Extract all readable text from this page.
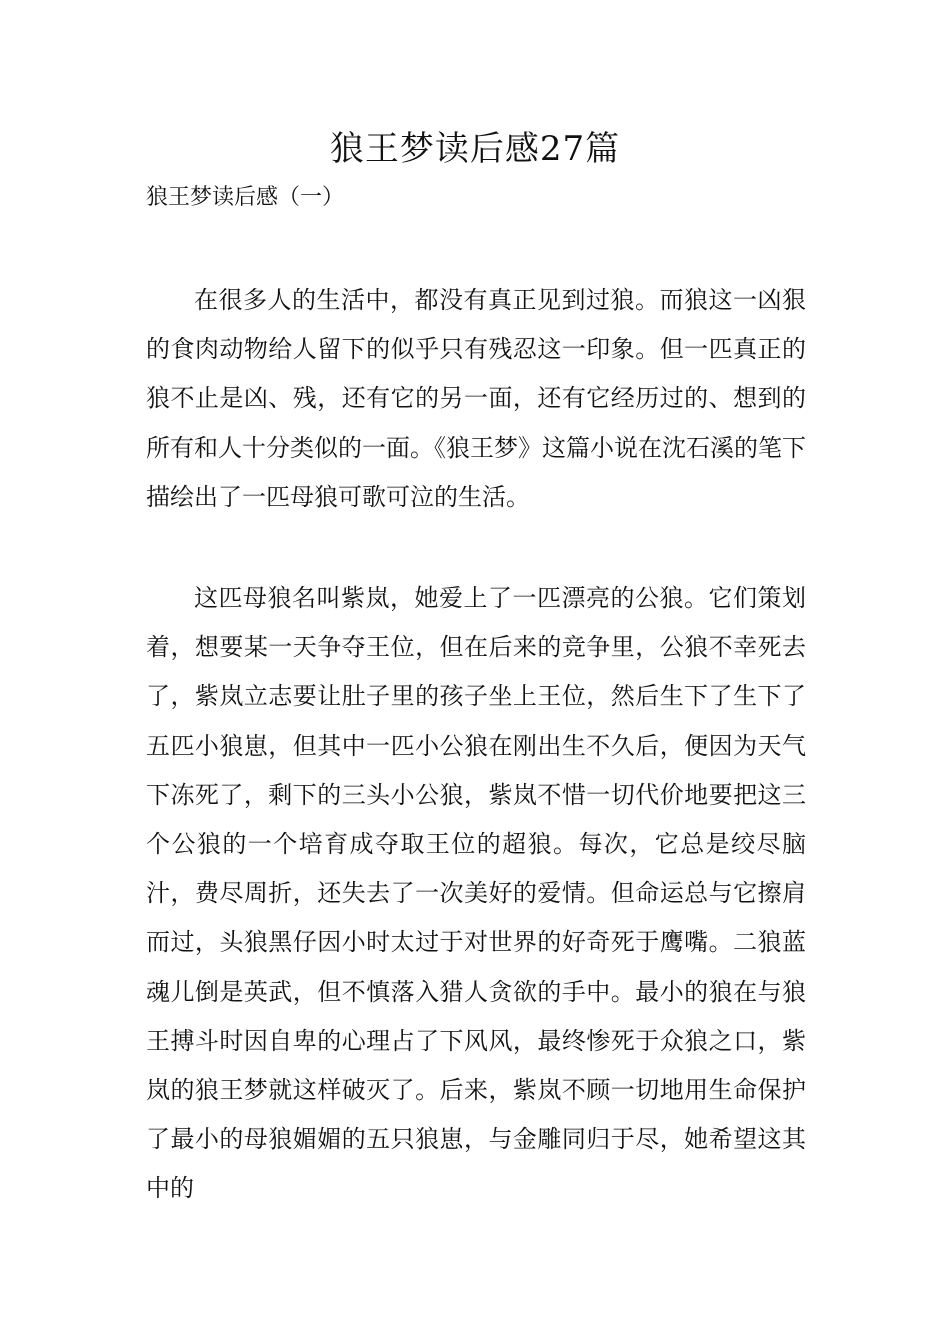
狼王梦读后感27篇
狼王梦读后感（一）

在很多人的生活中，都没有真正见到过狼。而狼这一凶狠的食肉动物给人留下的似乎只有残忍这一印象。但一匹真正的狼不止是凶、残，还有它的另一面，还有它经历过的、想到的所有和人十分类似的一面。《狼王梦》这篇小说在沈石溪的笔下描绘出了一匹母狼可歌可泣的生活。

这匹母狼名叫紫岚，她爱上了一匹漂亮的公狼。它们策划着，想要某一天争夺王位，但在后来的竞争里，公狼不幸死去了，紫岚立志要让肚子里的孩子坐上王位，然后生下了生下了五匹小狼崽，但其中一匹小公狼在刚出生不久后，便因为天气下冻死了，剩下的三头小公狼，紫岚不惜一切代价地要把这三个公狼的一个培育成夺取王位的超狼。每次，它总是绞尽脑汁，费尽周折，还失去了一次美好的爱情。但命运总与它擦肩而过，头狼黑仔因小时太过于对世界的好奇死于鹰嘴。二狼蓝魂儿倒是英武，但不慎落入猎人贪欲的手中。最小的狼在与狼王搏斗时因自卑的心理占了下风风，最终惨死于众狼之口，紫岚的狼王梦就这样破灭了。后来，紫岚不顾一切地用生命保护了最小的母狼媚媚的五只狼崽，与金雕同归于尽，她希望这其中的
